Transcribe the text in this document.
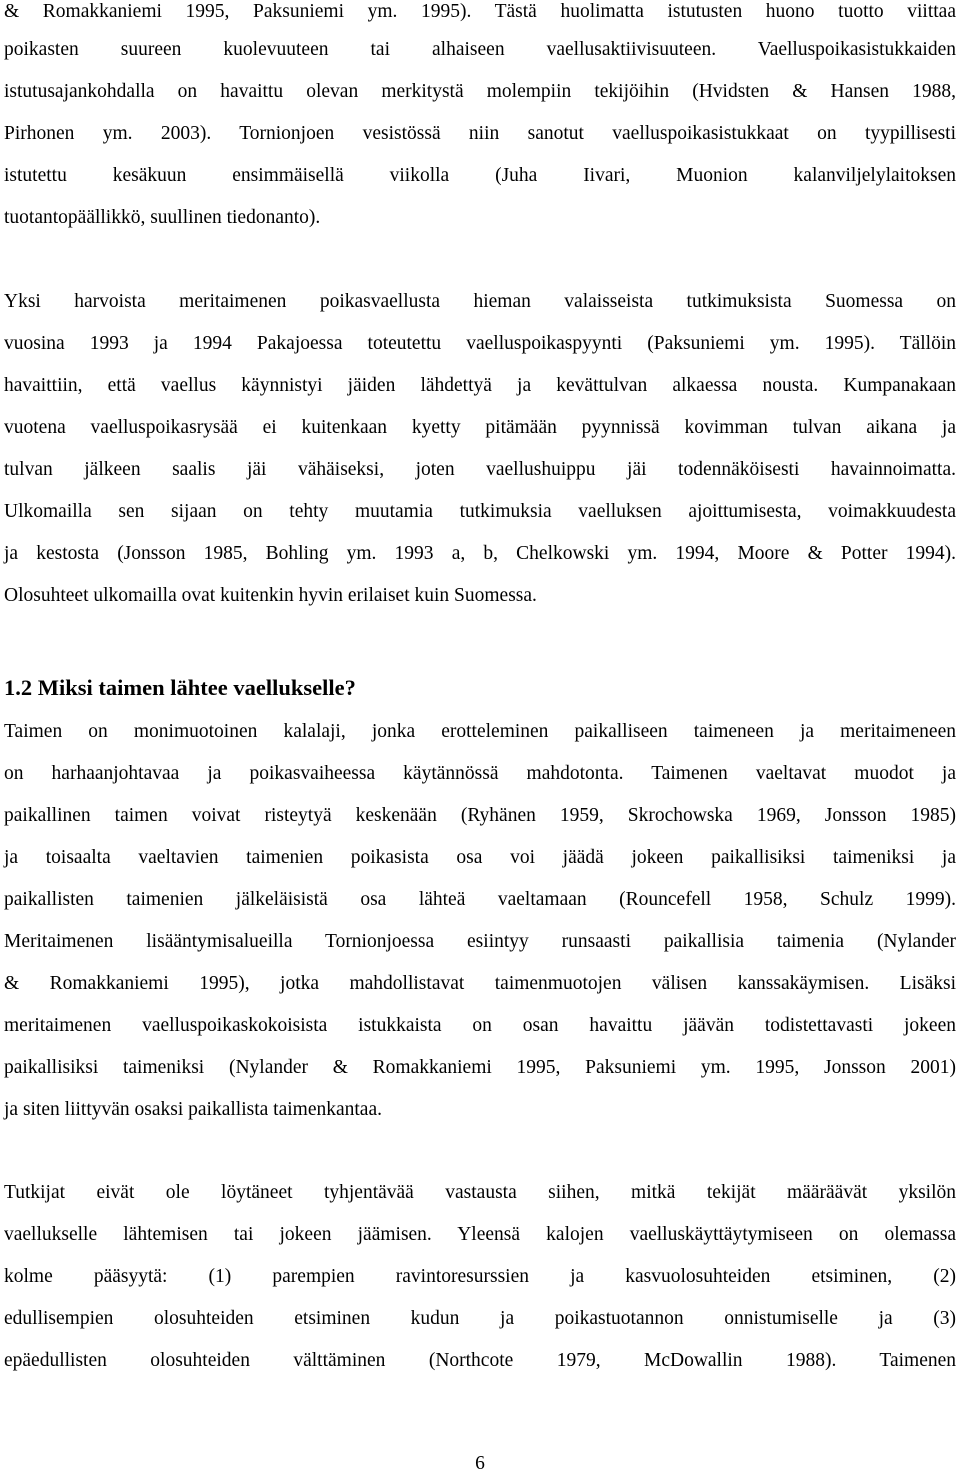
& Romakkaniemi 1995, Paksuniemi ym. 1995). Tästä huolimatta istutusten huono tuotto viittaa
poikasten suureen kuolevuuteen tai alhaiseen vaellusaktiivisuuteen. Vaelluspoikasistukkaiden
istutusajankohdalla on havaittu olevan merkitystä molempiin tekijöihin (Hvidsten & Hansen 1988,
Pirhonen ym. 2003). Tornionjoen vesistössä niin sanotut vaelluspoikasistukkaat on tyypillisesti
istutettu kesäkuun ensimmäisellä viikolla (Juha Iivari, Muonion kalanviljelylaitoksen
tuotantopäällikkö, suullinen tiedonanto).
Yksi harvoista meritaimenen poikasvaellusta hieman valaisseista tutkimuksista Suomessa on
vuosina 1993 ja 1994 Pakajoessa toteutettu vaelluspoikaspyynti (Paksuniemi ym. 1995). Tällöin
havaittiin, että vaellus käynnistyi jäiden lähdettyä ja kevättulvan alkaessa nousta. Kumpanakaan
vuotena vaelluspoikasrysää ei kuitenkaan kyetty pitämään pyynnissä kovimman tulvan aikana ja
tulvan jälkeen saalis jäi vähäiseksi, joten vaellushuippu jäi todennäköisesti havainnoimatta.
Ulkomailla sen sijaan on tehty muutamia tutkimuksia vaelluksen ajoittumisesta, voimakkuudesta
ja kestosta (Jonsson 1985, Bohling ym. 1993 a, b, Chelkowski ym. 1994, Moore & Potter 1994).
Olosuhteet ulkomailla ovat kuitenkin hyvin erilaiset kuin Suomessa.
1.2 Miksi taimen lähtee vaellukselle?
Taimen on monimuotoinen kalalaji, jonka erotteleminen paikalliseen taimeneen ja meritaimeneen
on harhaanjohtavaa ja poikasvaiheessa käytännössä mahdotonta. Taimenen vaeltavat muodot ja
paikallinen taimen voivat risteytyä keskenään (Ryhänen 1959, Skrochowska 1969, Jonsson 1985)
ja toisaalta vaeltavien taimenien poikasista osa voi jäädä jokeen paikallisiksi taimeniksi ja
paikallisten taimenien jälkeläisistä osa lähteä vaeltamaan (Rouncefell 1958, Schulz 1999).
Meritaimenen lisääntymisalueilla Tornionjoessa esiintyy runsaasti paikallisia taimenia (Nylander
& Romakkaniemi 1995), jotka mahdollistavat taimenmuotojen välisen kanssakäymisen. Lisäksi
meritaimenen vaelluspoikaskokoisista istukkaista on osan havaittu jäävän todistettavasti jokeen
paikallisiksi taimeniksi (Nylander & Romakkaniemi 1995, Paksuniemi ym. 1995, Jonsson 2001)
ja siten liittyvän osaksi paikallista taimenkantaa.
Tutkijat eivät ole löytäneet tyhjentävää vastausta siihen, mitkä tekijät määräävät yksilön
vaellukselle lähtemisen tai jokeen jäämisen. Yleensä kalojen vaelluskäyttäytymiseen on olemassa
kolme pääsyytä: (1) parempien ravintoresurssien ja kasvuolosuhteiden etsiminen, (2)
edullisempien olosuhteiden etsiminen kudun ja poikastuotannon onnistumiselle ja (3)
epäedullisten olosuhteiden välttäminen (Northcote 1979, McDowallin 1988). Taimenen
6
